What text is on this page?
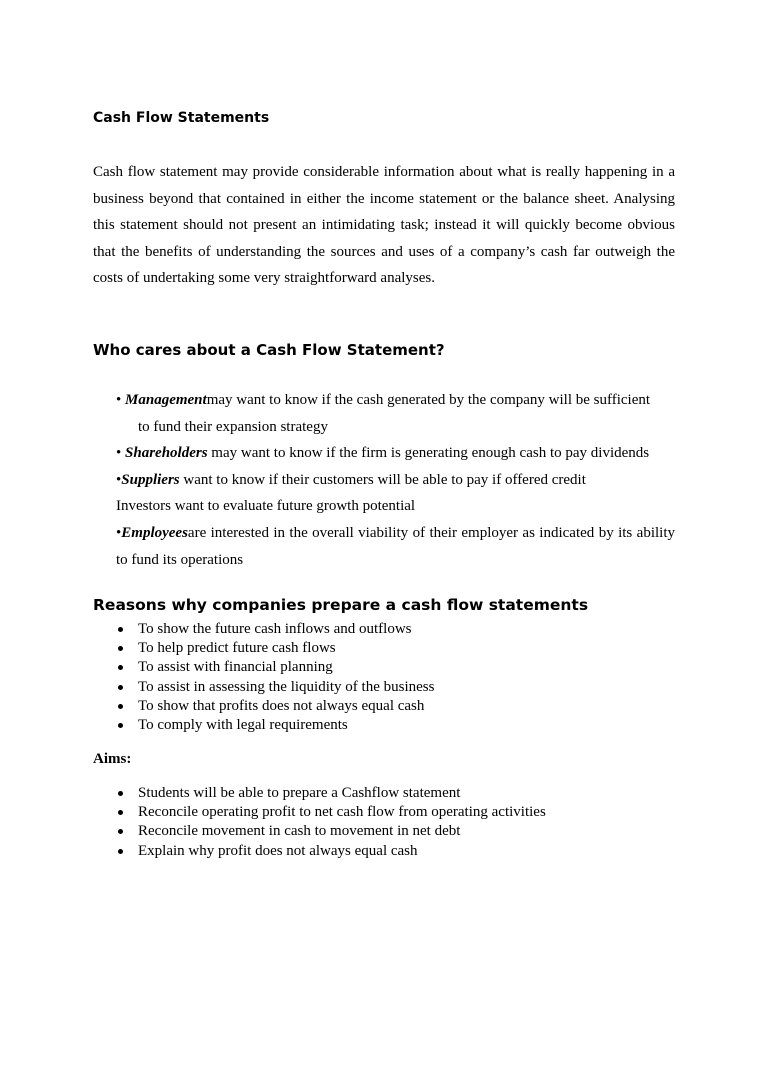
Cash Flow Statements
Cash flow statement may provide considerable information about what is really happening in a business beyond that contained in either the income statement or the balance sheet. Analysing this statement should not present an intimidating task; instead it will quickly become obvious that the benefits of understanding the sources and uses of a company’s cash far outweigh the costs of undertaking some very straightforward analyses.
Who cares about a Cash Flow Statement?
• Managementmay want to know if the cash generated by the company will be sufficient
to fund their expansion strategy
• Shareholders may want to know if the firm is generating enough cash to pay dividends
•Suppliers want to know if their customers will be able to pay if offered credit
Investors want to evaluate future growth potential
•Employeesare interested in the overall viability of their employer as indicated by its ability to fund its operations
Reasons why companies prepare a cash flow statements
To show the future cash inflows and outflows
To help predict future cash flows
To assist with financial planning
To assist in assessing the liquidity of the business
To show that profits does not always equal cash
To comply with legal requirements
Aims:
Students will be able to prepare a Cashflow statement
Reconcile operating profit to net cash flow from operating activities
Reconcile movement in cash to movement in net debt
Explain why profit does not always equal cash
